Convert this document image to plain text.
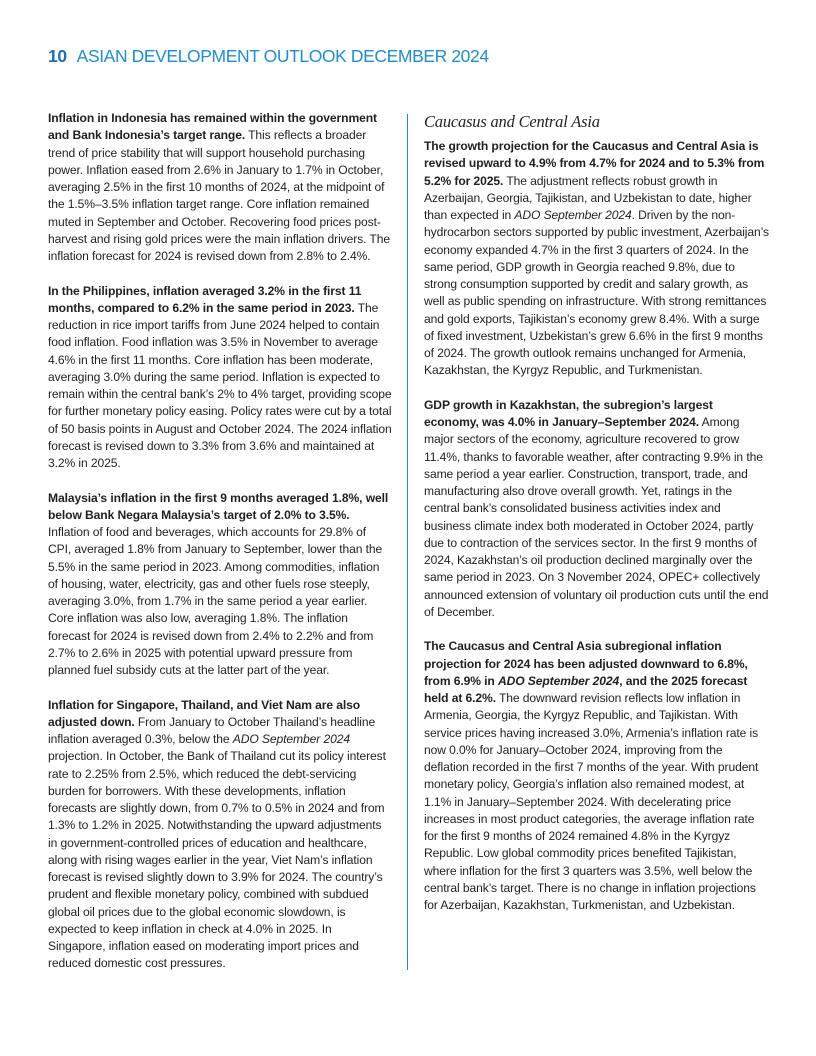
10 ASIAN DEVELOPMENT OUTLOOK DECEMBER 2024

Inflation in Indonesia has remained within the government and Bank Indonesia’s target range. This reflects a broader trend of price stability that will support household purchasing power. Inflation eased from 2.6% in January to 1.7% in October, averaging 2.5% in the first 10 months of 2024, at the midpoint of the 1.5%–3.5% inflation target range. Core inflation remained muted in September and October. Recovering food prices post-harvest and rising gold prices were the main inflation drivers. The inflation forecast for 2024 is revised down from 2.8% to 2.4%.

In the Philippines, inflation averaged 3.2% in the first 11 months, compared to 6.2% in the same period in 2023. The reduction in rice import tariffs from June 2024 helped to contain food inflation. Food inflation was 3.5% in November to average 4.6% in the first 11 months. Core inflation has been moderate, averaging 3.0% during the same period. Inflation is expected to remain within the central bank’s 2% to 4% target, providing scope for further monetary policy easing. Policy rates were cut by a total of 50 basis points in August and October 2024. The 2024 inflation forecast is revised down to 3.3% from 3.6% and maintained at 3.2% in 2025.

Malaysia’s inflation in the first 9 months averaged 1.8%, well below Bank Negara Malaysia’s target of 2.0% to 3.5%. Inflation of food and beverages, which accounts for 29.8% of CPI, averaged 1.8% from January to September, lower than the 5.5% in the same period in 2023. Among commodities, inflation of housing, water, electricity, gas and other fuels rose steeply, averaging 3.0%, from 1.7% in the same period a year earlier. Core inflation was also low, averaging 1.8%. The inflation forecast for 2024 is revised down from 2.4% to 2.2% and from 2.7% to 2.6% in 2025 with potential upward pressure from planned fuel subsidy cuts at the latter part of the year.

Inflation for Singapore, Thailand, and Viet Nam are also adjusted down. From January to October Thailand’s headline inflation averaged 0.3%, below the ADO September 2024 projection. In October, the Bank of Thailand cut its policy interest rate to 2.25% from 2.5%, which reduced the debt-servicing burden for borrowers. With these developments, inflation forecasts are slightly down, from 0.7% to 0.5% in 2024 and from 1.3% to 1.2% in 2025. Notwithstanding the upward adjustments in government-controlled prices of education and healthcare, along with rising wages earlier in the year, Viet Nam’s inflation forecast is revised slightly down to 3.9% for 2024. The country’s prudent and flexible monetary policy, combined with subdued global oil prices due to the global economic slowdown, is expected to keep inflation in check at 4.0% in 2025. In Singapore, inflation eased on moderating import prices and reduced domestic cost pressures.

Caucasus and Central Asia

The growth projection for the Caucasus and Central Asia is revised upward to 4.9% from 4.7% for 2024 and to 5.3% from 5.2% for 2025. The adjustment reflects robust growth in Azerbaijan, Georgia, Tajikistan, and Uzbekistan to date, higher than expected in ADO September 2024. Driven by the non-hydrocarbon sectors supported by public investment, Azerbaijan’s economy expanded 4.7% in the first 3 quarters of 2024. In the same period, GDP growth in Georgia reached 9.8%, due to strong consumption supported by credit and salary growth, as well as public spending on infrastructure. With strong remittances and gold exports, Tajikistan’s economy grew 8.4%. With a surge of fixed investment, Uzbekistan’s grew 6.6% in the first 9 months of 2024. The growth outlook remains unchanged for Armenia, Kazakhstan, the Kyrgyz Republic, and Turkmenistan.

GDP growth in Kazakhstan, the subregion’s largest economy, was 4.0% in January–September 2024. Among major sectors of the economy, agriculture recovered to grow 11.4%, thanks to favorable weather, after contracting 9.9% in the same period a year earlier. Construction, transport, trade, and manufacturing also drove overall growth. Yet, ratings in the central bank’s consolidated business activities index and business climate index both moderated in October 2024, partly due to contraction of the services sector. In the first 9 months of 2024, Kazakhstan’s oil production declined marginally over the same period in 2023. On 3 November 2024, OPEC+ collectively announced extension of voluntary oil production cuts until the end of December.

The Caucasus and Central Asia subregional inflation projection for 2024 has been adjusted downward to 6.8%, from 6.9% in ADO September 2024, and the 2025 forecast held at 6.2%. The downward revision reflects low inflation in Armenia, Georgia, the Kyrgyz Republic, and Tajikistan. With service prices having increased 3.0%, Armenia’s inflation rate is now 0.0% for January–October 2024, improving from the deflation recorded in the first 7 months of the year. With prudent monetary policy, Georgia’s inflation also remained modest, at 1.1% in January–September 2024. With decelerating price increases in most product categories, the average inflation rate for the first 9 months of 2024 remained 4.8% in the Kyrgyz Republic. Low global commodity prices benefited Tajikistan, where inflation for the first 3 quarters was 3.5%, well below the central bank’s target. There is no change in inflation projections for Azerbaijan, Kazakhstan, Turkmenistan, and Uzbekistan.
